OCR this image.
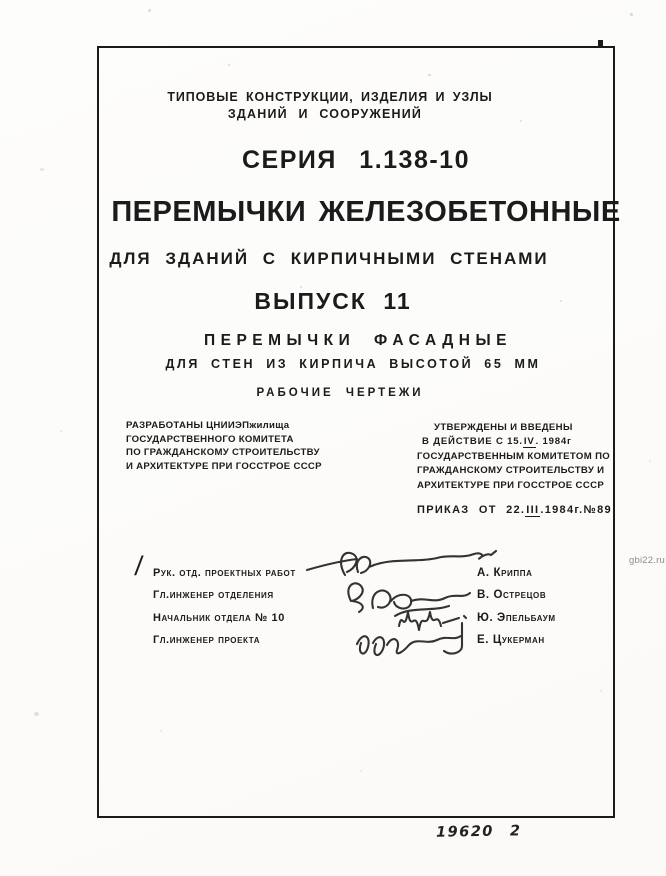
ТИПОВЫЕ КОНСТРУКЦИИ, ИЗДЕЛИЯ И УЗЛЫ
ЗДАНИЙ И СООРУЖЕНИЙ
СЕРИЯ 1.138-10
ПЕРЕМЫЧКИ ЖЕЛЕЗОБЕТОННЫЕ
ДЛЯ ЗДАНИЙ С КИРПИЧНЫМИ СТЕНАМИ
ВЫПУСК 11
ПЕРЕМЫЧКИ ФАСАДНЫЕ
ДЛЯ СТЕН ИЗ КИРПИЧА ВЫСОТОЙ 65 ММ
РАБОЧИЕ ЧЕРТЕЖИ
РАЗРАБОТАНЫ ЦНИИЭПжилища
ГОСУДАРСТВЕННОГО КОМИТЕТА
ПО ГРАЖДАНСКОМУ СТРОИТЕЛЬСТВУ
И АРХИТЕКТУРЕ ПРИ ГОССТРОЕ СССР
УТВЕРЖДЕНЫ И ВВЕДЕНЫ
В ДЕЙСТВИЕ С 15.IV. 1984г
ГОСУДАРСТВЕННЫМ КОМИТЕТОМ ПО
ГРАЖДАНСКОМУ СТРОИТЕЛЬСТВУ И
АРХИТЕКТУРЕ ПРИ ГОССТРОЕ СССР
ПРИКАЗ ОТ 22.III.1984г.№89
/ Рук. отд. проектных работ
Гл.инженер отделения
Начальник отдела № 10
Гл.инженер проекта
А. Криппа
В. Острецов
Ю. Эпельбаум
Е. Цукерман
19620 2
gbi22.ru
